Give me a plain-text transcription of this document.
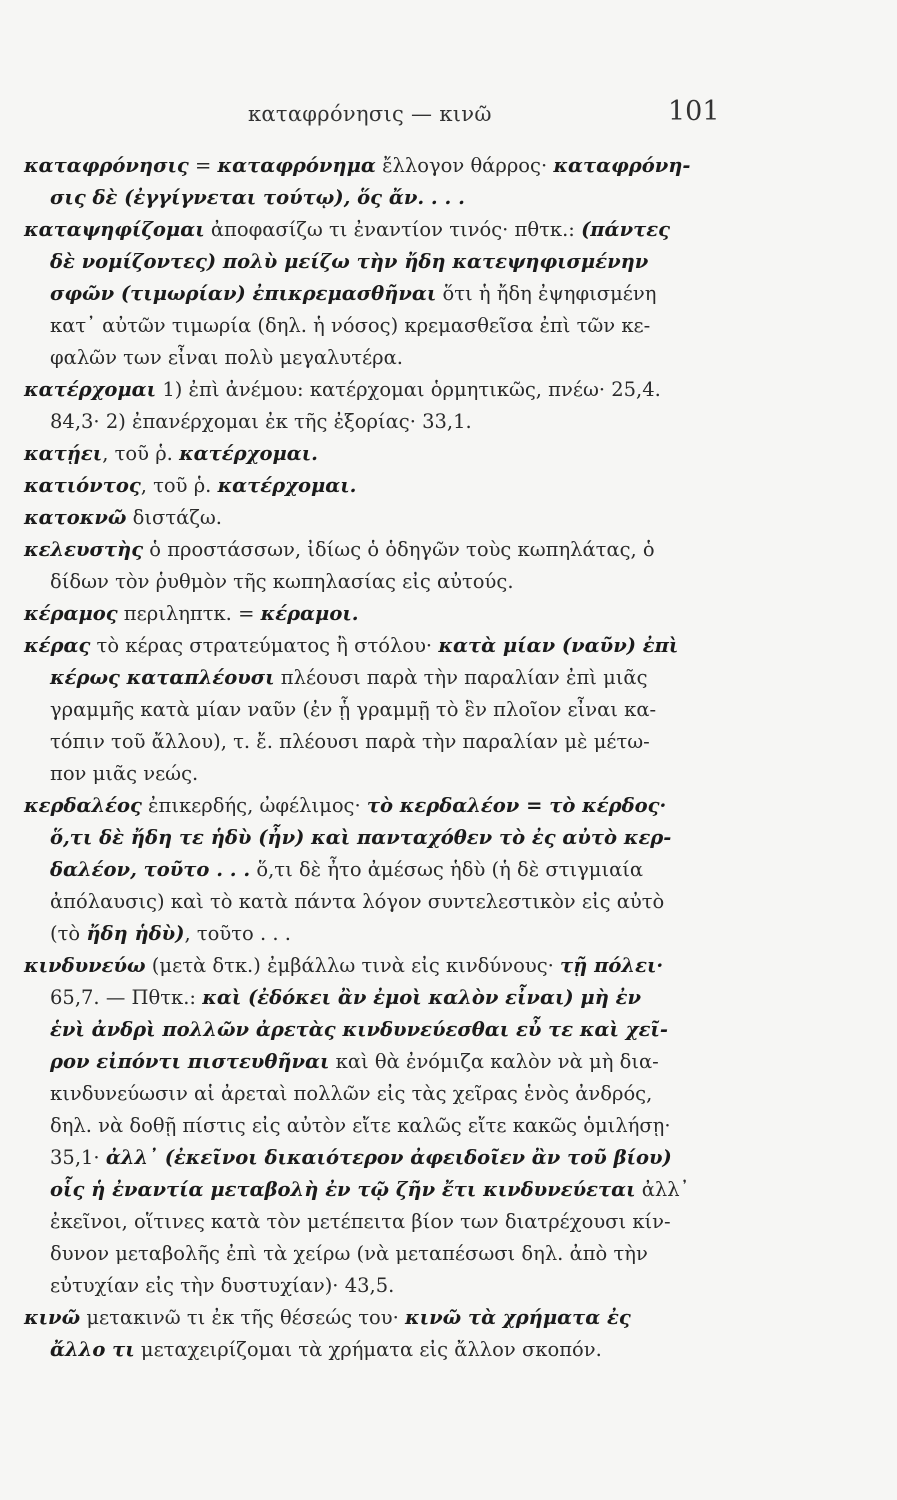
καταφρόνησις — κινῶ	101
καταφρόνησις = καταφρόνημα ἔλλογον θάρρος· καταφρόνη-
σις δὲ (ἐγγίγνεται τούτῳ), ὅς ἄν. . . .
καταψηφίζομαι ἀποφασίζω τι ἐναντίον τινός· πθτκ.: (πάντες
δὲ νομίζοντες) πολὺ μείζω τὴν ἤδη κατεψηφισμένην
σφῶν (τιμωρίαν) ἐπικρεμασθῆναι ὅτι ἡ ἤδη ἐψηφισμένη
κατ᾿ αὐτῶν τιμωρία (δηλ. ἡ νόσος) κρεμασθεῖσα ἐπὶ τῶν κε-
φαλῶν των εἶναι πολὺ μεγαλυτέρα.
κατέρχομαι 1) ἐπὶ ἀνέμου: κατέρχομαι ὁρμητικῶς, πνέω· 25,4.
84,3· 2) ἐπανέρχομαι ἐκ τῆς ἐξορίας· 33,1.
κατῄει, τοῦ ῥ. κατέρχομαι.
κατιόντος, τοῦ ῥ. κατέρχομαι.
κατοκνῶ διστάζω.
κελευστὴς ὁ προστάσσων, ἰδίως ὁ ὁδηγῶν τοὺς κωπηλάτας, ὁ
δίδων τὸν ῥυθμὸν τῆς κωπηλασίας εἰς αὐτούς.
κέραμος περιληπτκ. = κέραμοι.
κέρας τὸ κέρας στρατεύματος ἢ στόλου· κατὰ μίαν (ναῦν) ἐπὶ
κέρως καταπλέουσι πλέουσι παρὰ τὴν παραλίαν ἐπὶ μιᾶς
γραμμῆς κατὰ μίαν ναῦν (ἐν ᾗ γραμμῇ τὸ ἓν πλοῖον εἶναι κα-
τόπιν τοῦ ἄλλου), τ. ἔ. πλέουσι παρὰ τὴν παραλίαν μὲ μέτω-
πον μιᾶς νεώς.
κερδαλέος ἐπικερδής, ὠφέλιμος· τὸ κερδαλέον = τὸ κέρδος·
ὅ,τι δὲ ἤδη τε ἡδὺ (ἦν) καὶ πανταχόθεν τὸ ἐς αὐτὸ κερ-
δαλέον, τοῦτο . . . ὅ,τι δὲ ἦτο ἀμέσως ἡδὺ (ἡ δὲ στιγμιαία
ἀπόλαυσις) καὶ τὸ κατὰ πάντα λόγον συντελεστικὸν εἰς αὐτὸ
(τὸ ἤδη ἡδὺ), τοῦτο . . .
κινδυνεύω (μετὰ δτκ.) ἐμβάλλω τινὰ εἰς κινδύνους· τῇ πόλει·
65,7. — Πθτκ.: καὶ (ἐδόκει ἂν ἐμοὶ καλὸν εἶναι) μὴ ἐν
ἑνὶ ἀνδρὶ πολλῶν ἀρετὰς κινδυνεύεσθαι εὖ τε καὶ χεῖ-
ρον εἰπόντι πιστευθῆναι καὶ θὰ ἐνόμιζα καλὸν νὰ μὴ δια-
κινδυνεύωσιν αἱ ἀρεταὶ πολλῶν εἰς τὰς χεῖρας ἑνὸς ἀνδρός,
δηλ. νὰ δοθῇ πίστις εἰς αὐτὸν εἴτε καλῶς εἴτε κακῶς ὁμιλήσῃ·
35,1· ἀλλ᾿ (ἐκεῖνοι δικαιότερον ἀφειδοῖεν ἂν τοῦ βίου)
οἷς ἡ ἐναντία μεταβολὴ ἐν τῷ ζῆν ἔτι κινδυνεύεται ἀλλ᾿
ἐκεῖνοι, οἵτινες κατὰ τὸν μετέπειτα βίον των διατρέχουσι κίν-
δυνον μεταβολῆς ἐπὶ τὰ χείρω (νὰ μεταπέσωσι δηλ. ἀπὸ τὴν
εὐτυχίαν εἰς τὴν δυστυχίαν)· 43,5.
κινῶ μετακινῶ τι ἐκ τῆς θέσεώς του· κινῶ τὰ χρήματα ἐς
ἄλλο τι μεταχειρίζομαι τὰ χρήματα εἰς ἄλλον σκοπόν.
